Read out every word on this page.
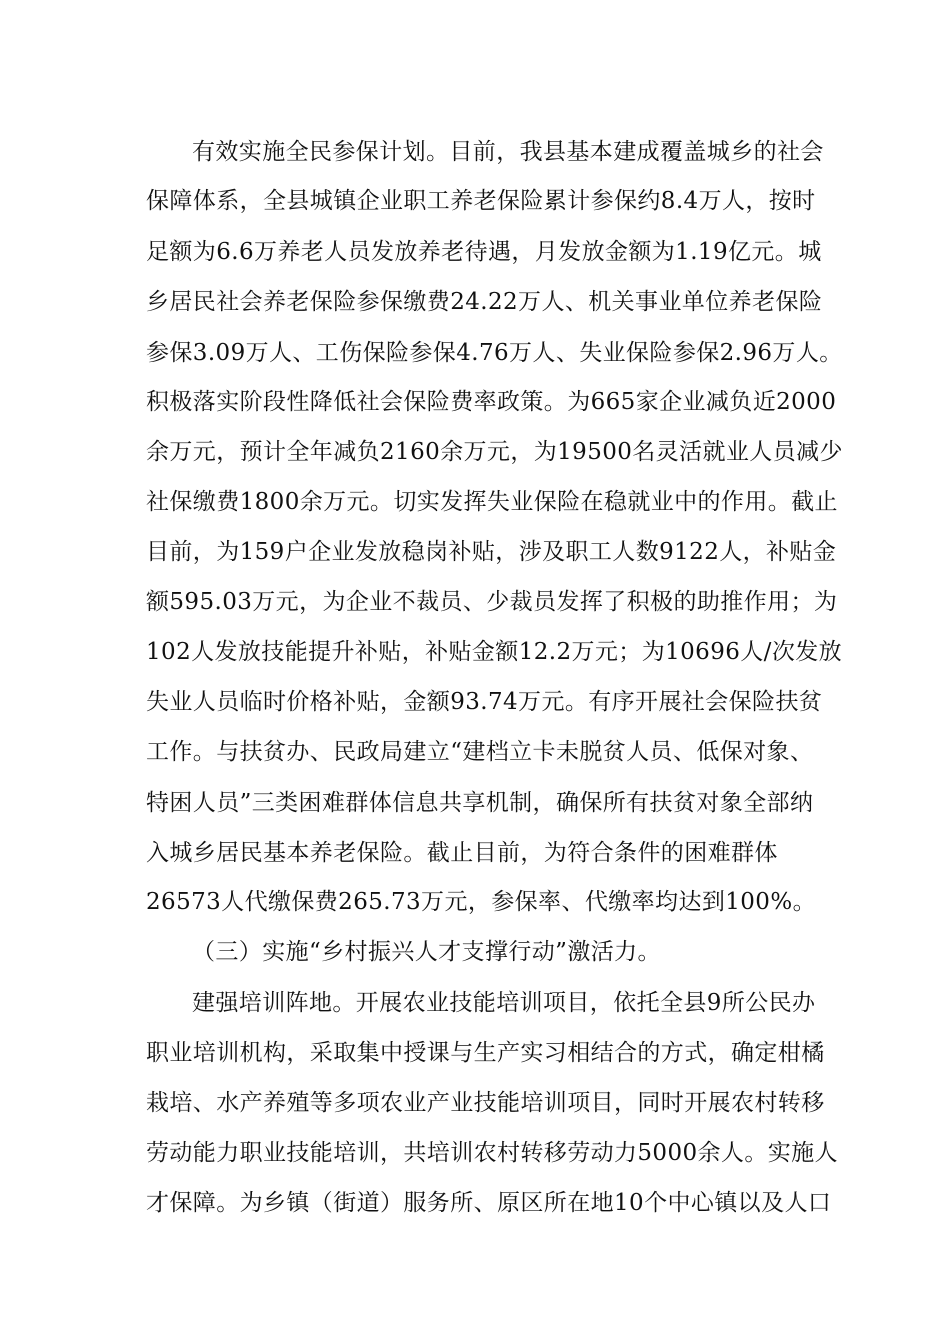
有效实施全民参保计划。目前，我县基本建成覆盖城乡的社会
保障体系，全县城镇企业职工养老保险累计参保约8.4万人，按时
足额为6.6万养老人员发放养老待遇，月发放金额为1.19亿元。城
乡居民社会养老保险参保缴费24.22万人、机关事业单位养老保险
参保3.09万人、工伤保险参保4.76万人、失业保险参保2.96万人。
积极落实阶段性降低社会保险费率政策。为665家企业减负近2000
余万元，预计全年减负2160余万元，为19500名灵活就业人员减少
社保缴费1800余万元。切实发挥失业保险在稳就业中的作用。截止
目前，为159户企业发放稳岗补贴，涉及职工人数9122人，补贴金
额595.03万元，为企业不裁员、少裁员发挥了积极的助推作用；为
102人发放技能提升补贴，补贴金额12.2万元；为10696人/次发放
失业人员临时价格补贴，金额93.74万元。有序开展社会保险扶贫
工作。与扶贫办、民政局建立“建档立卡未脱贫人员、低保对象、
特困人员”三类困难群体信息共享机制，确保所有扶贫对象全部纳
入城乡居民基本养老保险。截止目前，为符合条件的困难群体
26573人代缴保费265.73万元，参保率、代缴率均达到100%。
（三）实施“乡村振兴人才支撑行动”激活力。
建强培训阵地。开展农业技能培训项目，依托全县9所公民办
职业培训机构，采取集中授课与生产实习相结合的方式，确定柑橘
栽培、水产养殖等多项农业产业技能培训项目，同时开展农村转移
劳动能力职业技能培训，共培训农村转移劳动力5000余人。实施人
才保障。为乡镇（街道）服务所、原区所在地10个中心镇以及人口
